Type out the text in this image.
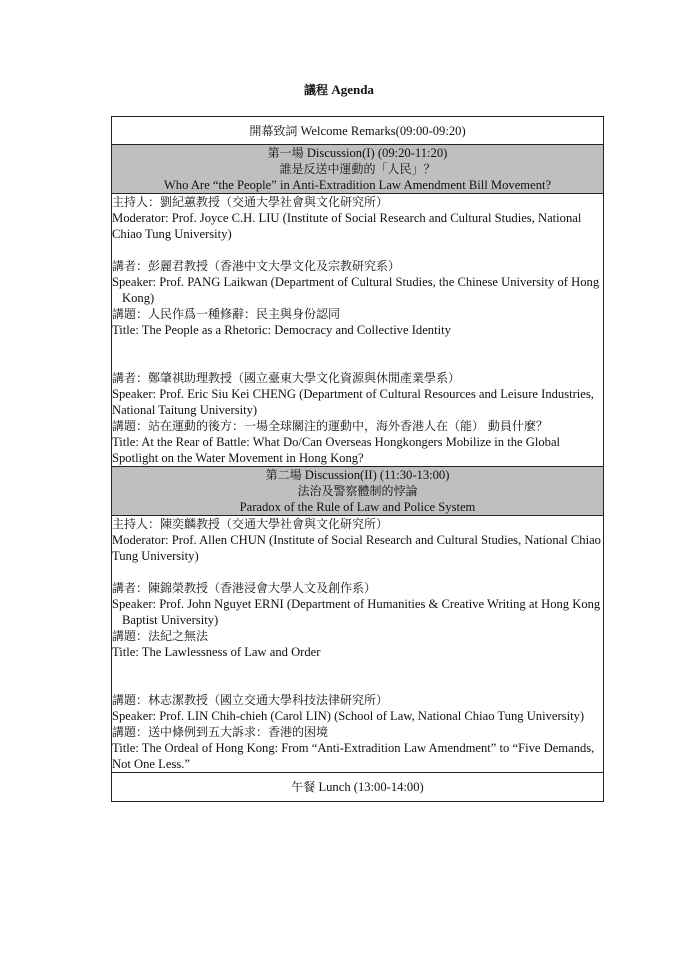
議程 Agenda
開幕致詞 Welcome Remarks(09:00-09:20)

第一場 Discussion(I) (09:20-11:20)
誰是反送中運動的「人民」？
Who Are “the People” in Anti-Extradition Law Amendment Bill Movement?

主持人：劉紀蕙教授（交通大學社會與文化研究所）
Moderator: Prof. Joyce C.H. LIU (Institute of Social Research and Cultural Studies, National Chiao Tung University)
講者：彭麗君教授（香港中文大學文化及宗教研究系）
Speaker: Prof. PANG Laikwan (Department of Cultural Studies, the Chinese University of Hong Kong)
講題：人民作爲一種修辭：民主與身份認同
Title: The People as a Rhetoric: Democracy and Collective Identity
講者：鄭肇祺助理教授（國立臺東大學文化資源與休閒產業學系）
Speaker: Prof. Eric Siu Kei CHENG (Department of Cultural Resources and Leisure Industries, National Taitung University)
講題：站在運動的後方：一場全球關注的運動中，海外香港人在（能） 動員什麼？
Title: At the Rear of Battle: What Do/Can Overseas Hongkongers Mobilize in the Global Spotlight on the Water Movement in Hong Kong?

第二場 Discussion(II) (11:30-13:00)
法治及警察體制的悖論
Paradox of the Rule of Law and Police System

主持人：陳奕麟教授（交通大學社會與文化研究所）
Moderator: Prof. Allen CHUN (Institute of Social Research and Cultural Studies, National Chiao Tung University)
講者：陳錦榮教授（香港浸會大學人文及創作系）
Speaker: Prof. John Nguyet ERNI (Department of Humanities & Creative Writing at Hong Kong Baptist University)
講題：法紀之無法
Title: The Lawlessness of Law and Order
講題：林志潔教授（國立交通大學科技法律研究所）
Speaker: Prof. LIN Chih-chieh (Carol LIN) (School of Law, National Chiao Tung University)
講題：送中條例到五大訴求：香港的困境
Title: The Ordeal of Hong Kong: From “Anti-Extradition Law Amendment” to “Five Demands, Not One Less.”

午餐 Lunch (13:00-14:00)
